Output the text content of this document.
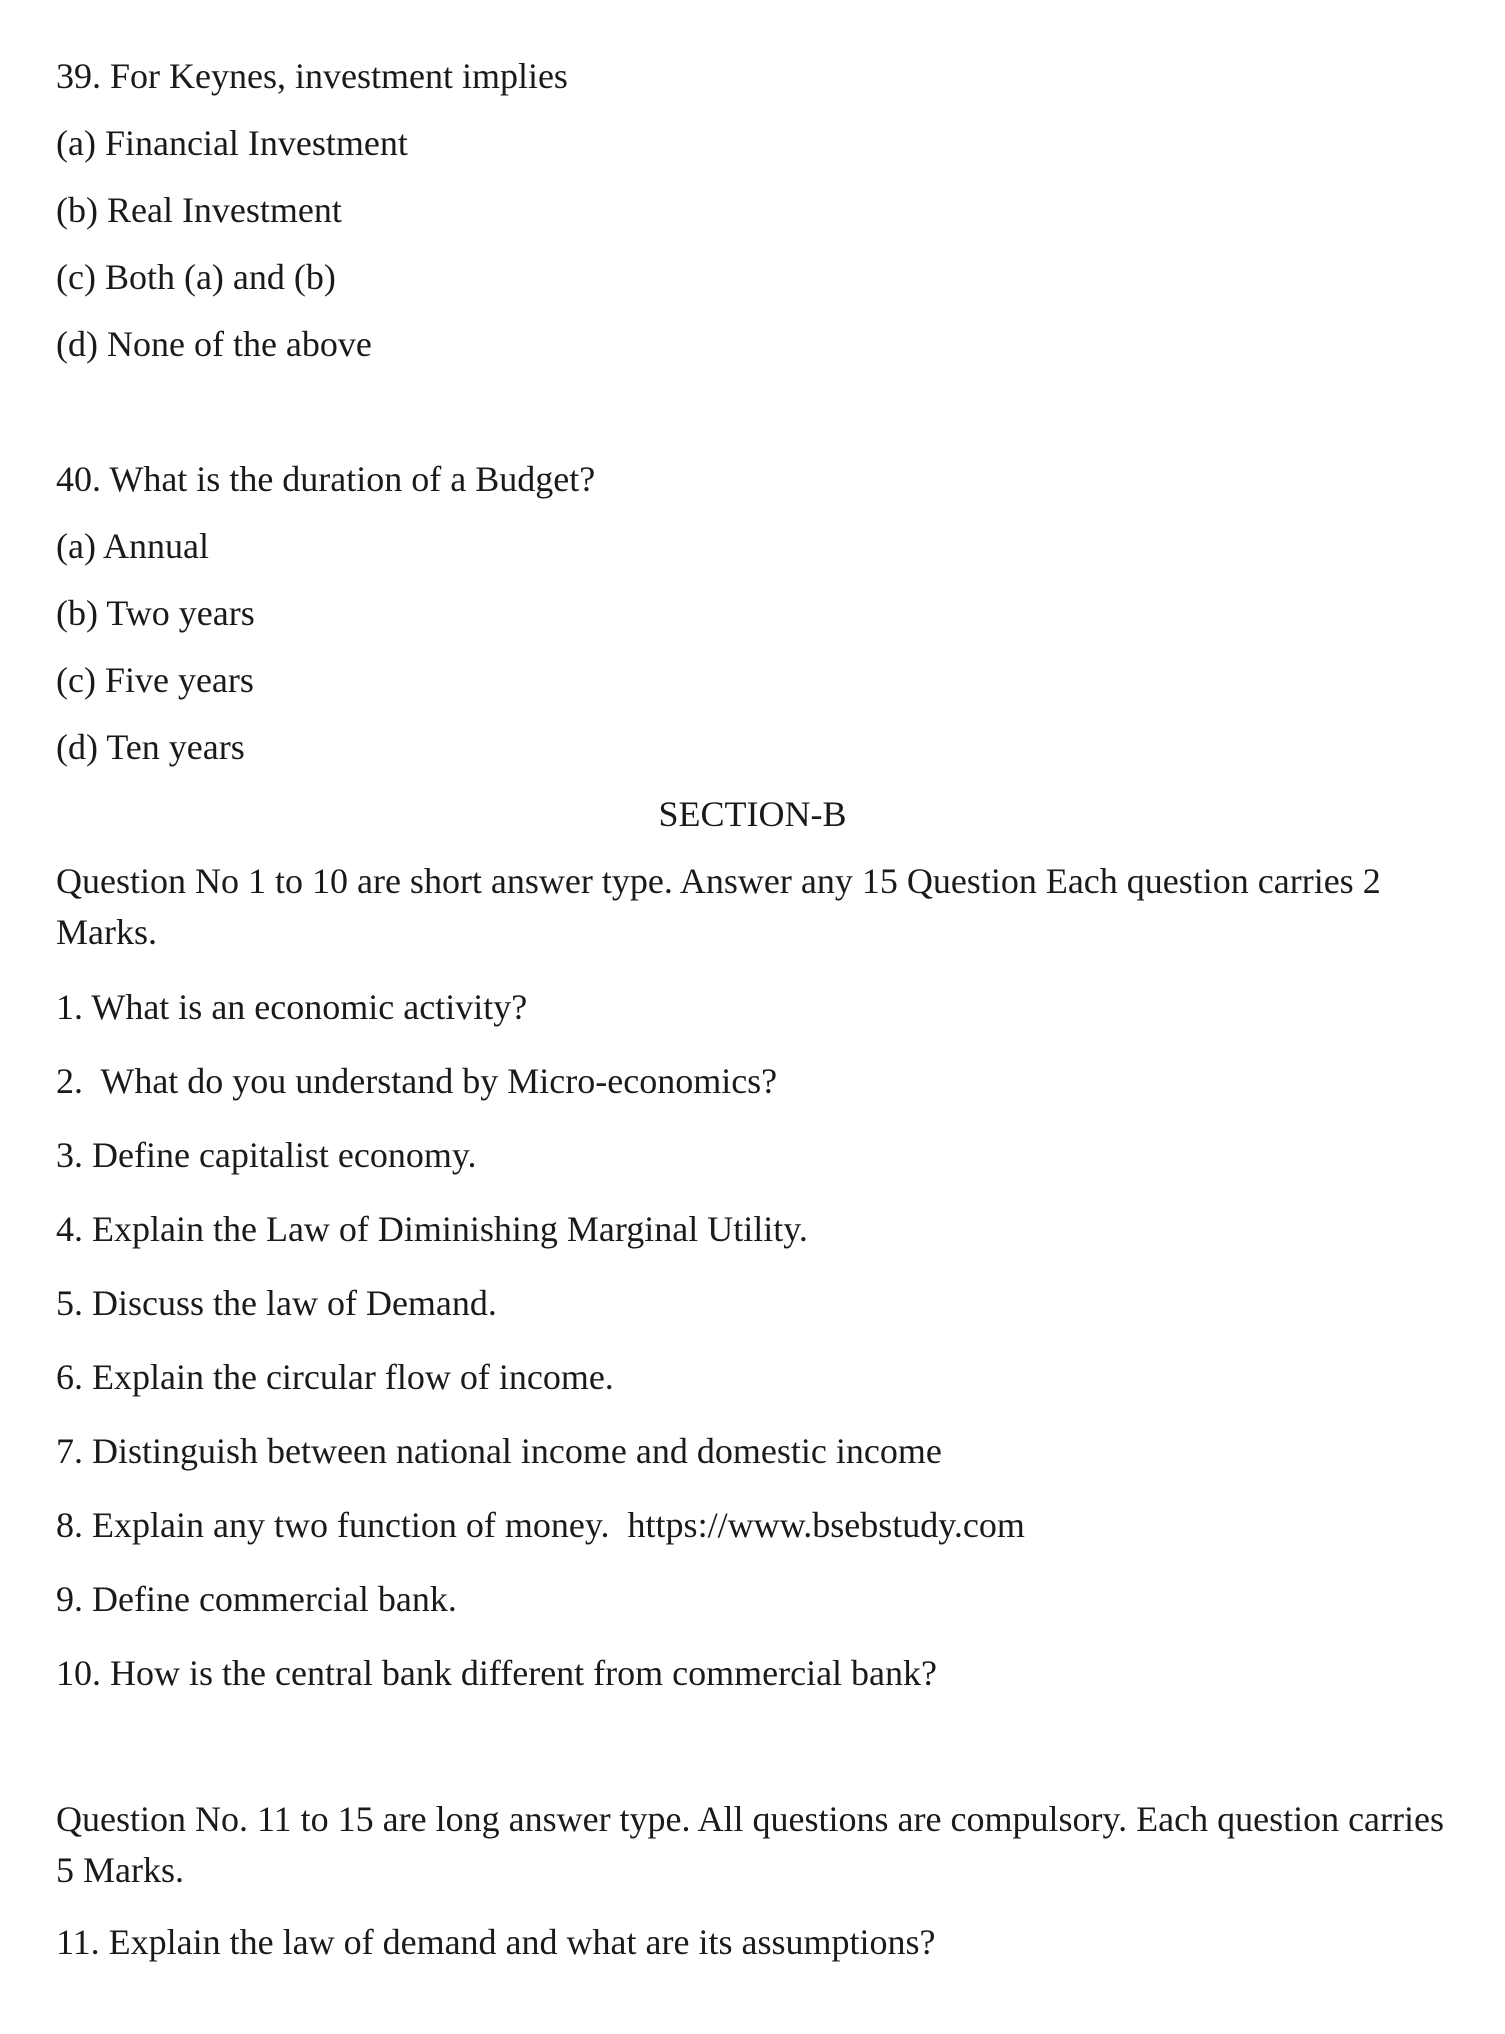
39. For Keynes, investment implies
(a) Financial Investment
(b) Real Investment
(c) Both (a) and (b)
(d) None of the above
40. What is the duration of a Budget?
(a) Annual
(b) Two years
(c) Five years
(d) Ten years
SECTION-B
Question No 1 to 10 are short answer type. Answer any 15 Question Each question carries 2 Marks.
1. What is an economic activity?
2.  What do you understand by Micro-economics?
3. Define capitalist economy.
4. Explain the Law of Diminishing Marginal Utility.
5. Discuss the law of Demand.
6. Explain the circular flow of income.
7. Distinguish between national income and domestic income
8. Explain any two function of money.  https://www.bsebstudy.com
9. Define commercial bank.
10. How is the central bank different from commercial bank?
Question No. 11 to 15 are long answer type. All questions are compulsory. Each question carries 5 Marks.
11. Explain the law of demand and what are its assumptions?
